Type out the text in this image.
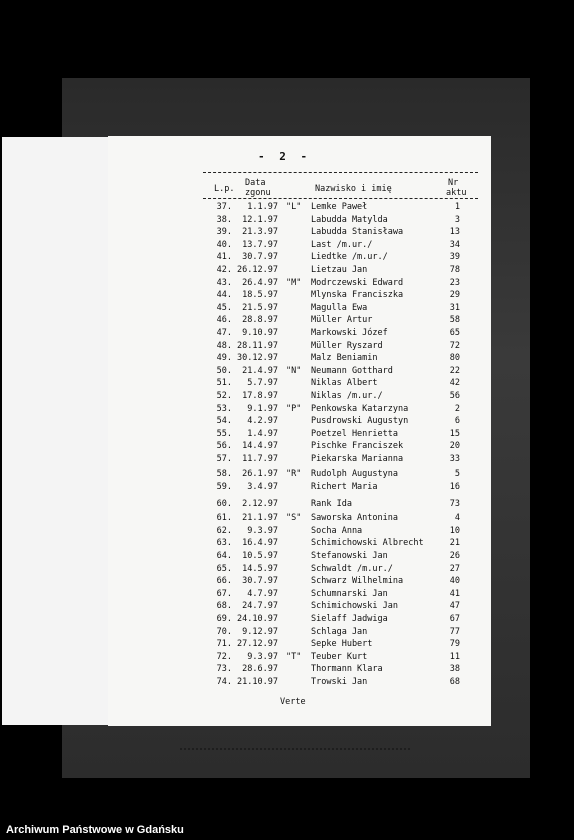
- 2 -
Data	Nr
L.p.	Nazwisko i imię
zgonu	aktu
37.	1.1.97 "L" Lemke Paweł	1
38.	12.1.97	Labudda Matylda	3
39.	21.3.97	Labudda Stanisława	13
40.	13.7.97	Last /m.ur./	34
41.	30.7.97	Liedtke /m.ur./	39
42. 26.12.97	Lietzau Jan	78
43.	26.4.97 "M" Modrczewski Edward	23
44.	18.5.97	Mlynska Franciszka	29
45.	21.5.97	Magulla Ewa	31
46.	28.8.97	Müller Artur	58
47.	9.10.97	Markowski Józef	65
48. 28.11.97	Müller Ryszard	72
49. 30.12.97	Malz Beniamin	80
50.	21.4.97 "N" Neumann Gotthard	22
51.	5.7.97	Niklas Albert	42
52.	17.8.97	Niklas /m.ur./	56
53.	9.1.97 "P" Penkowska Katarzyna	2
54.	4.2.97	Pusdrowski Augustyn	6
55.	1.4.97	Poetzel Henrietta	15
56.	14.4.97	Pischke Franciszek	20
57.	11.7.97	Piekarska Marianna	33
58.	26.1.97 "R" Rudolph Augustyna	5
59.	3.4.97	Richert Maria	16
60.	2.12.97	Rank Ida	73
61.	21.1.97 "S" Saworska Antonina	4
62.	9.3.97	Socha Anna	10
63.	16.4.97	Schimichowski Albrecht	21
64.	10.5.97	Stefanowski Jan	26
65.	14.5.97	Schwaldt /m.ur./	27
66.	30.7.97	Schwarz Wilhelmina	40
67.	4.7.97	Schumnarski Jan	41
68.	24.7.97	Schimichowski Jan	47
69. 24.10.97	Sielaff Jadwiga	67
70.	9.12.97	Schlaga Jan	77
71. 27.12.97	Sepke Hubert	79
72.	9.3.97 "T" Teuber Kurt	11
73.	28.6.97	Thormann Klara	38
74. 21.10.97	Trowski Jan	68
Verte
Archiwum Państwowe w Gdańsku
